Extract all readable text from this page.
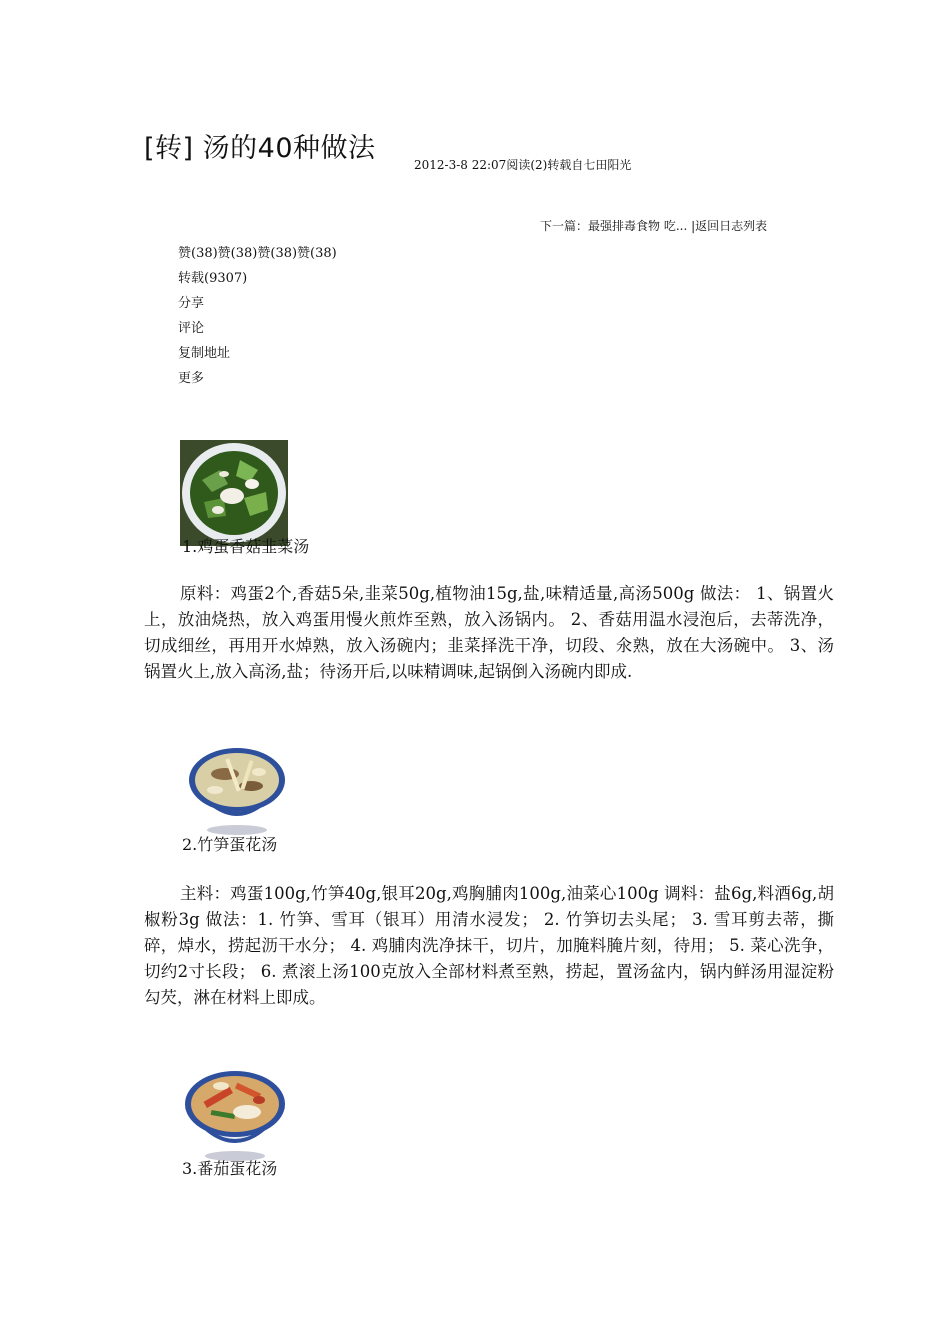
[转] 汤的40种做法
2012-3-8 22:07阅读(2)转载自七田阳光
下一篇：最强排毒食物 吃... |返回日志列表
赞(38)赞(38)赞(38)赞(38)
转载(9307)
分享
评论
复制地址
更多
1.鸡蛋香菇韭菜汤
原料：鸡蛋2个,香菇5朵,韭菜50g,植物油15g,盐,味精适量,高汤500g 做法： 1、锅置火上，放油烧热，放入鸡蛋用慢火煎炸至熟，放入汤锅内。 2、香菇用温水浸泡后，去蒂洗净，切成细丝，再用开水焯熟，放入汤碗内；韭菜择洗干净，切段、氽熟，放在大汤碗中。 3、汤锅置火上,放入高汤,盐；待汤开后,以味精调味,起锅倒入汤碗内即成.
2.竹笋蛋花汤
主料：鸡蛋100g,竹笋40g,银耳20g,鸡胸脯肉100g,油菜心100g 调料：盐6g,料酒6g,胡椒粉3g 做法：1. 竹笋、雪耳（银耳）用清水浸发； 2. 竹笋切去头尾； 3. 雪耳剪去蒂，撕碎，焯水，捞起沥干水分； 4. 鸡脯肉洗净抹干，切片，加腌料腌片刻，待用； 5. 菜心洗争，切约2寸长段； 6. 煮滚上汤100克放入全部材料煮至熟，捞起，置汤盆内，锅内鲜汤用湿淀粉勾芡，淋在材料上即成。
3.番茄蛋花汤
